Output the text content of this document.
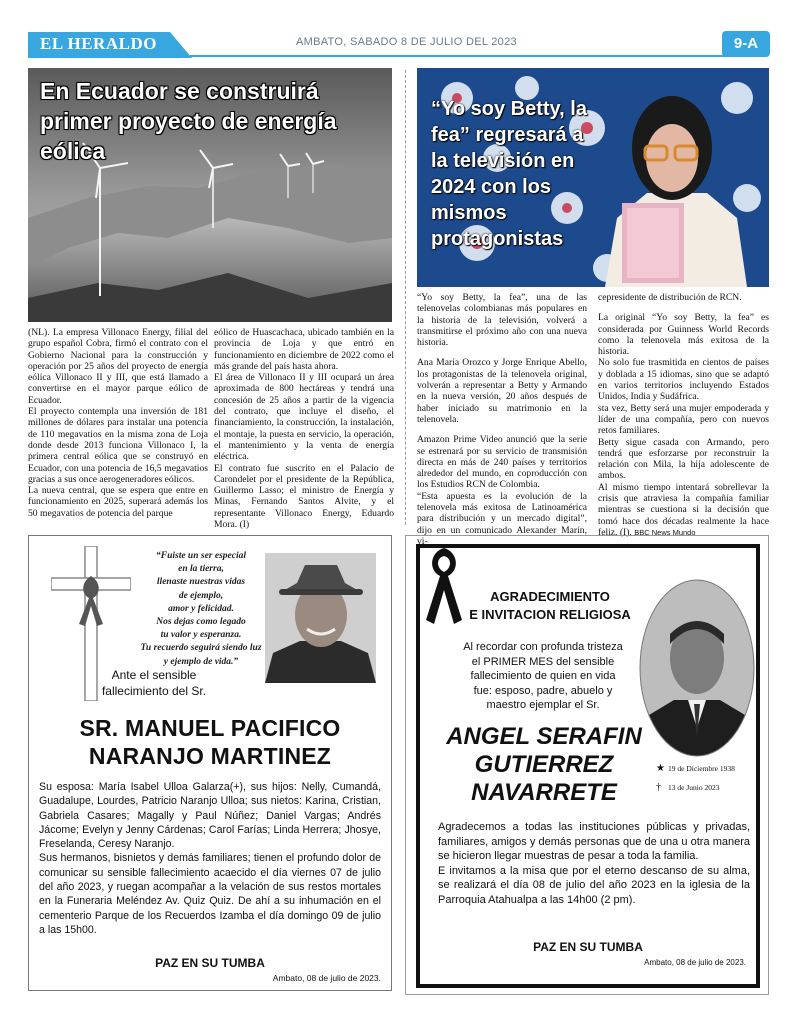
EL HERALDO	AMBATO, SABADO 8 DE JULIO DEL 2023	9-A
En Ecuador se construirá primer proyecto de energía eólica

(NL). La empresa Villonaco Energy, filial del grupo español Cobra, firmó el contrato con el Gobierno Nacional para la construcción y operación por 25 años del proyecto de energía eólica Villonaco II y III, que está llamado a convertirse en el mayor parque eólico de Ecuador.

El proyecto contempla una inversión de 181 millones de dólares para instalar una potencia de 110 megavatios en la misma zona de Loja donde desde 2013 funciona Villonaco I, la primera central eólica que se construyó en Ecuador, con una potencia de 16,5 megavatios gracias a sus once aerogeneradores eólicos.

La nueva central, que se espera que entre en funcionamiento en 2025, superará además los 50 megavatios de potencia del parque

eólico de Huascachaca, ubicado también en la provincia de Loja y que entró en funcionamiento en diciembre de 2022 como el más grande del país hasta ahora.

El área de Villonaco II y III ocupará un área aproximada de 800 hectáreas y tendrá una concesión de 25 años a partir de la vigencia del contrato, que incluye el diseño, el financiamiento, la construcción, la instalación, el montaje, la puesta en servicio, la operación, el mantenimiento y la venta de energía eléctrica.

El contrato fue suscrito en el Palacio de Carondelet por el presidente de la República, Guillermo Lasso; el ministro de Energía y Minas, Fernando Santos Alvite, y el representante Villonaco Energy, Eduardo Mora. (I)

“Yo soy Betty, la fea” regresará a la televisión en 2024 con los mismos protagonistas

“Yo soy Betty, la fea”, una de las telenovelas colombianas más populares en la historia de la televisión, volverá a transmitirse el próximo año con una nueva historia.

Ana María Orozco y Jorge Enrique Abello, los protagonistas de la telenovela original, volverán a representar a Betty y Armando en la nueva versión, 20 años después de haber iniciado su matrimonio en la telenovela.

Amazon Prime Video anunció que la serie se estrenará por su servicio de transmisión directa en más de 240 países y territorios alrededor del mundo, en coproducción con los Estudios RCN de Colombia.

“Esta apuesta es la evolución de la telenovela más exitosa de Latinoamérica para distribución y un mercado digital”, dijo en un comunicado Alexander Marín, vi-

cepresidente de distribución de RCN.

La original “Yo soy Betty, la fea” es considerada por Guinness World Records como la telenovela más exitosa de la historia.

No solo fue trasmitida en cientos de países y doblada a 15 idiomas, sino que se adaptó en varios territorios incluyendo Estados Unidos, India y Sudáfrica.

sta vez, Betty será una mujer empoderada y líder de una compañía, pero con nuevos retos familiares.

Betty sigue casada con Armando, pero tendrá que esforzarse por reconstruir la relación con Mila, la hija adolescente de ambos.

Al mismo tiempo intentará sobrellevar la crisis que atraviesa la compañía familiar mientras se cuestiona si la decisión que tomó hace dos décadas realmente la hace feliz. (I). BBC News Mundo

“Fuiste un ser especial
en la tierra,
llenaste nuestras vidas
de ejemplo,
amor y felicidad.
Nos dejas como legado
tu valor y esperanza.
Tu recuerdo seguirá siendo luz
y ejemplo de vida.”
Ante el sensible
fallecimiento del Sr.
SR. MANUEL PACIFICO
NARANJO MARTINEZ

Su esposa: María Isabel Ulloa Galarza(+), sus hijos: Nelly, Cumandá, Guadalupe, Lourdes, Patricio Naranjo Ulloa; sus nietos: Karina, Cristian, Gabriela Casares; Magally y Paul Núñez; Daniel Vargas; Andrés Jácome; Evelyn y Jenny Cárdenas; Carol Farías; Linda Herrera; Jhosye, Freselanda, Ceresy Naranjo.

Sus hermanos, bisnietos y demás familiares; tienen el profundo dolor de comunicar su sensible fallecimiento acaecido el día viernes 07 de julio del año 2023, y ruegan acompañar a la velación de sus restos mortales en la Funeraria Meléndez Av. Quiz Quiz. De ahí a su inhumación en el cementerio Parque de los Recuerdos Izamba el día domingo 09 de julio a las 15h00.

PAZ EN SU TUMBA
Ambato, 08 de julio de 2023.
AGRADECIMIENTO
E INVITACION RELIGIOSA
Al recordar con profunda tristeza
el PRIMER MES del sensible
fallecimiento de quien en vida
fue: esposo, padre, abuelo y
maestro ejemplar el Sr.
ANGEL SERAFIN
GUTIERREZ
NAVARRETE
★ 19 de Diciembre 1938
† 13 de Junio 2023

Agradecemos a todas las instituciones públicas y privadas, familiares, amigos y demás personas que de una u otra manera se hicieron llegar muestras de pesar a toda la familia.

E invitamos a la misa que por el eterno descanso de su alma, se realizará el día 08 de julio del año 2023 en la iglesia de la Parroquia Atahualpa a las 14h00 (2 pm).

PAZ EN SU TUMBA
Ambato, 08 de julio de 2023.
